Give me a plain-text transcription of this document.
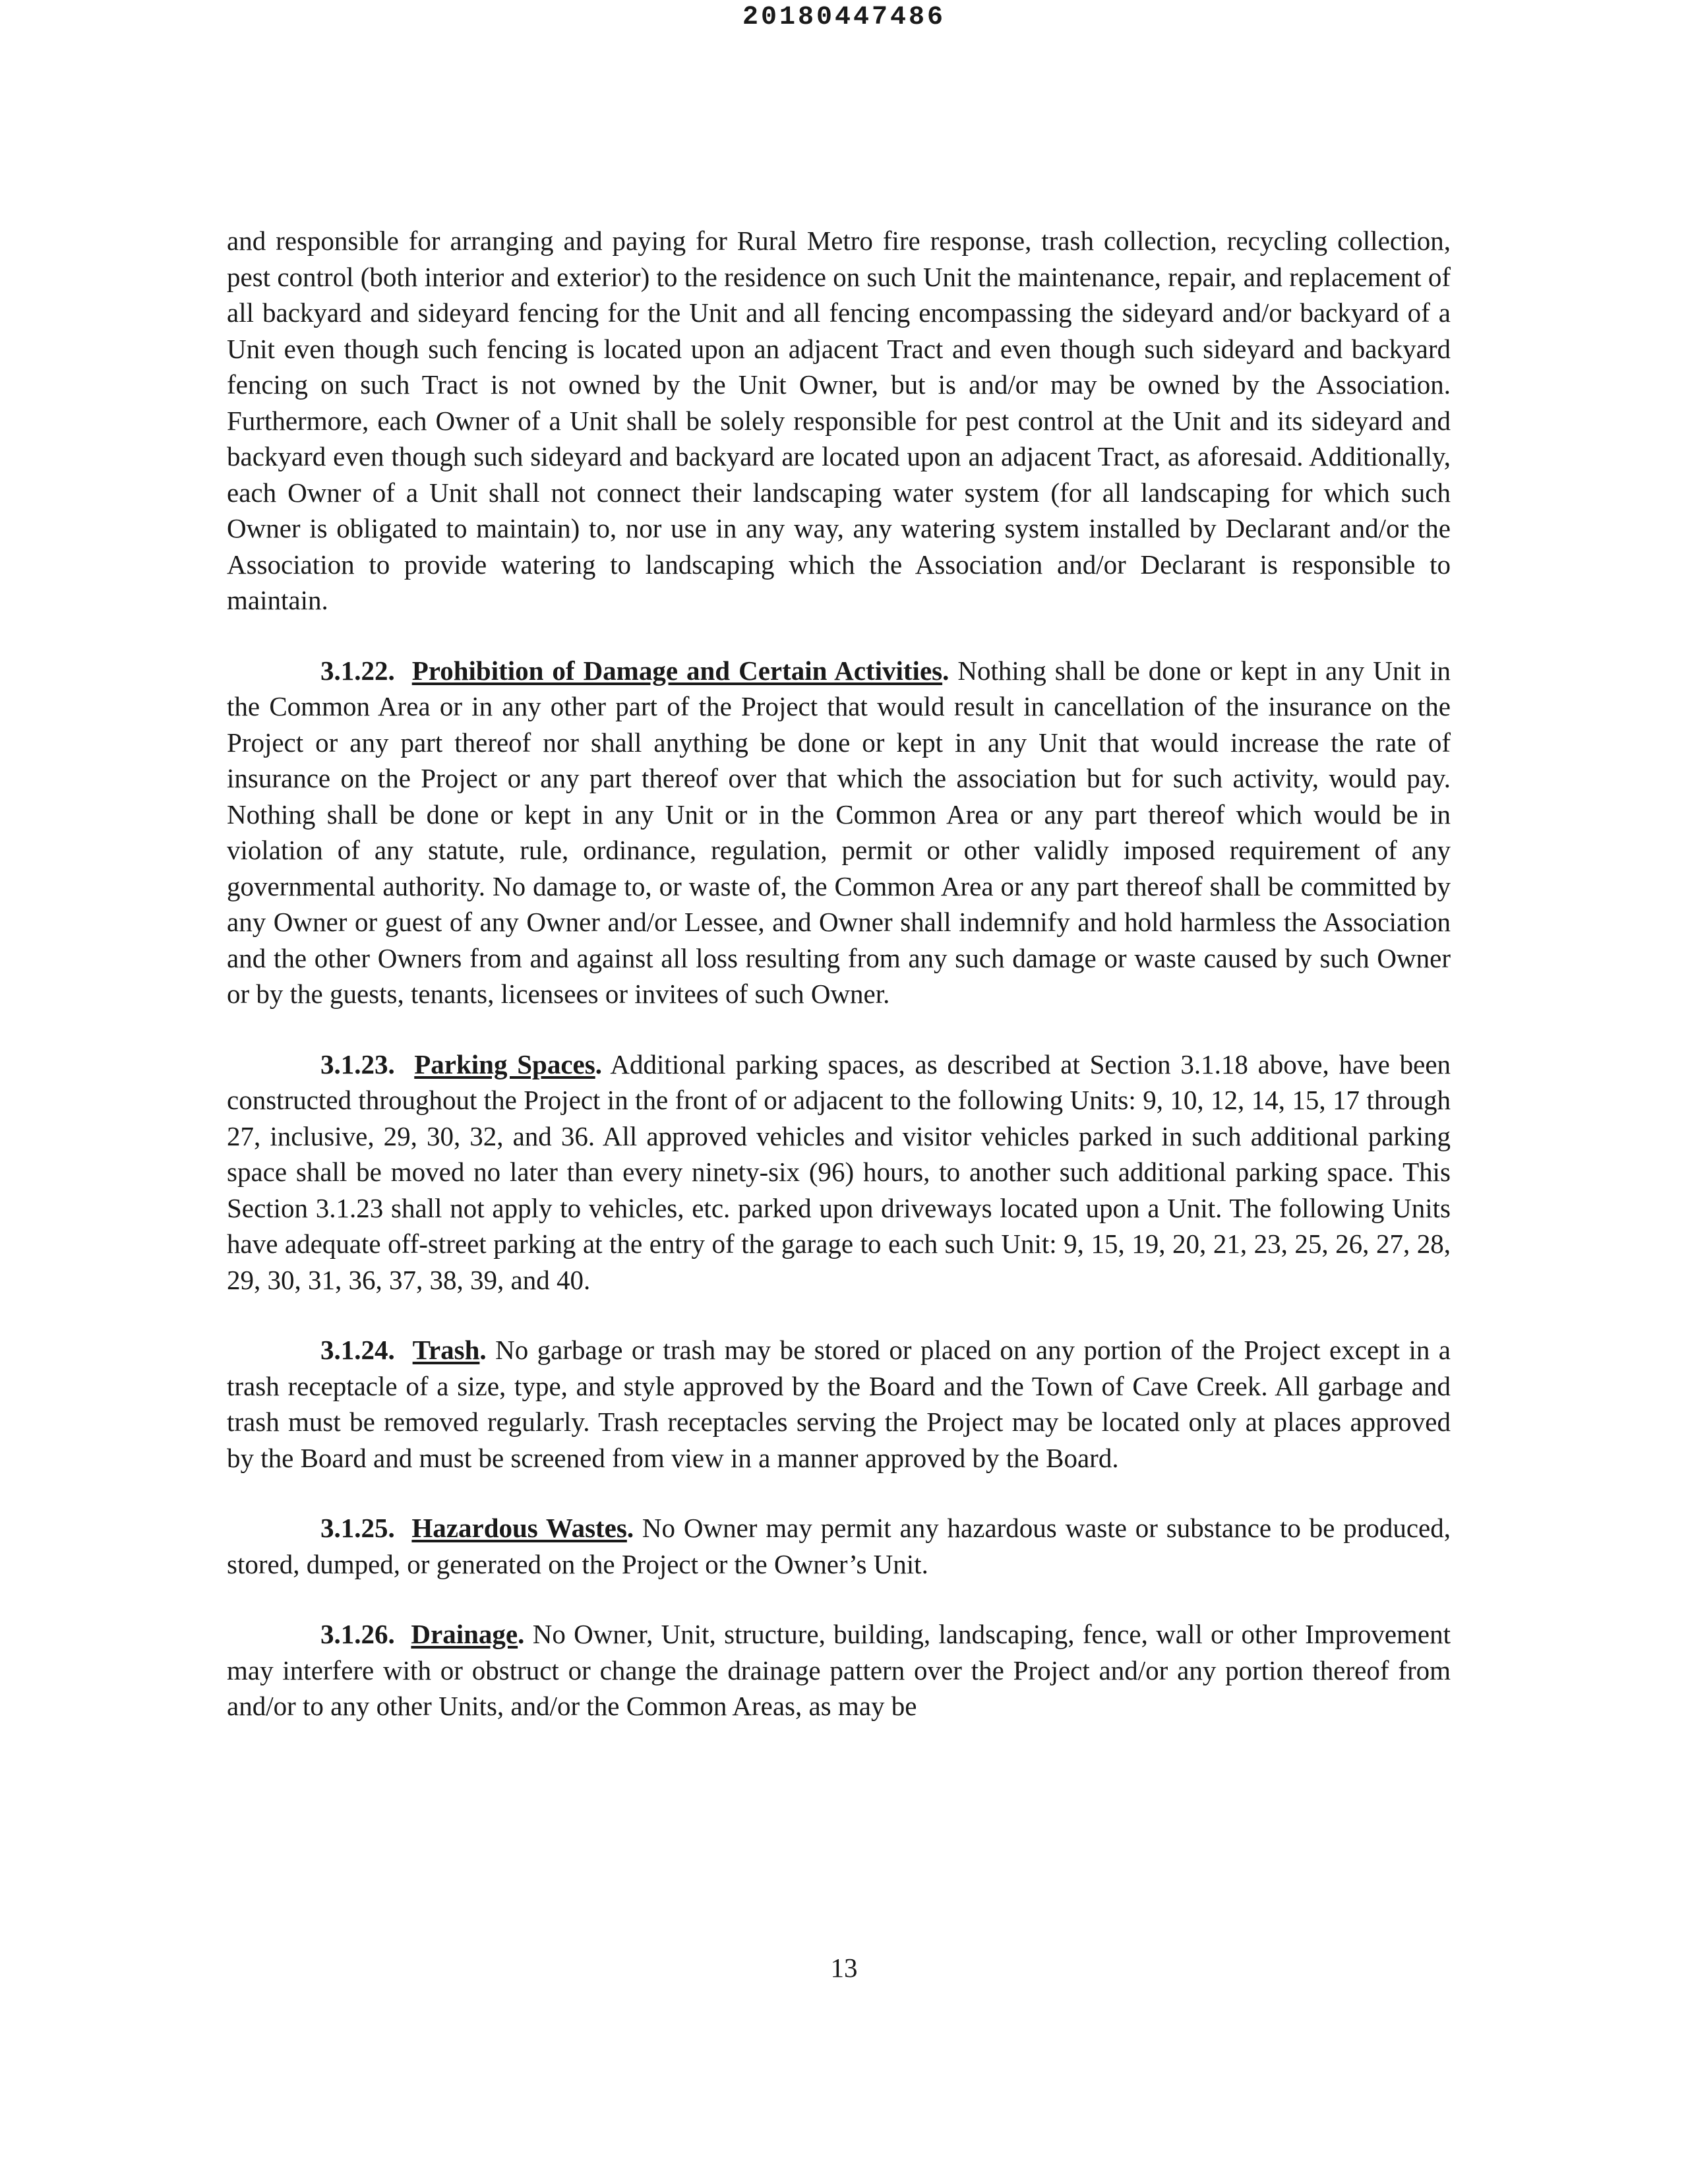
20180447486

and responsible for arranging and paying for Rural Metro fire response, trash collection, recycling collection, pest control (both interior and exterior) to the residence on such Unit the maintenance, repair, and replacement of all backyard and sideyard fencing for the Unit and all fencing encompassing the sideyard and/or backyard of a Unit even though such fencing is located upon an adjacent Tract and even though such sideyard and backyard fencing on such Tract is not owned by the Unit Owner, but is and/or may be owned by the Association. Furthermore, each Owner of a Unit shall be solely responsible for pest control at the Unit and its sideyard and backyard even though such sideyard and backyard are located upon an adjacent Tract, as aforesaid. Additionally, each Owner of a Unit shall not connect their landscaping water system (for all landscaping for which such Owner is obligated to maintain) to, nor use in any way, any watering system installed by Declarant and/or the Association to provide watering to landscaping which the Association and/or Declarant is responsible to maintain.

3.1.22. Prohibition of Damage and Certain Activities. Nothing shall be done or kept in any Unit in the Common Area or in any other part of the Project that would result in cancellation of the insurance on the Project or any part thereof nor shall anything be done or kept in any Unit that would increase the rate of insurance on the Project or any part thereof over that which the association but for such activity, would pay. Nothing shall be done or kept in any Unit or in the Common Area or any part thereof which would be in violation of any statute, rule, ordinance, regulation, permit or other validly imposed requirement of any governmental authority. No damage to, or waste of, the Common Area or any part thereof shall be committed by any Owner or guest of any Owner and/or Lessee, and Owner shall indemnify and hold harmless the Association and the other Owners from and against all loss resulting from any such damage or waste caused by such Owner or by the guests, tenants, licensees or invitees of such Owner.

3.1.23. Parking Spaces. Additional parking spaces, as described at Section 3.1.18 above, have been constructed throughout the Project in the front of or adjacent to the following Units: 9, 10, 12, 14, 15, 17 through 27, inclusive, 29, 30, 32, and 36. All approved vehicles and visitor vehicles parked in such additional parking space shall be moved no later than every ninety-six (96) hours, to another such additional parking space. This Section 3.1.23 shall not apply to vehicles, etc. parked upon driveways located upon a Unit. The following Units have adequate off-street parking at the entry of the garage to each such Unit: 9, 15, 19, 20, 21, 23, 25, 26, 27, 28, 29, 30, 31, 36, 37, 38, 39, and 40.

3.1.24. Trash. No garbage or trash may be stored or placed on any portion of the Project except in a trash receptacle of a size, type, and style approved by the Board and the Town of Cave Creek. All garbage and trash must be removed regularly. Trash receptacles serving the Project may be located only at places approved by the Board and must be screened from view in a manner approved by the Board.

3.1.25. Hazardous Wastes. No Owner may permit any hazardous waste or substance to be produced, stored, dumped, or generated on the Project or the Owner’s Unit.

3.1.26. Drainage. No Owner, Unit, structure, building, landscaping, fence, wall or other Improvement may interfere with or obstruct or change the drainage pattern over the Project and/or any portion thereof from and/or to any other Units, and/or the Common Areas, as may be

13
